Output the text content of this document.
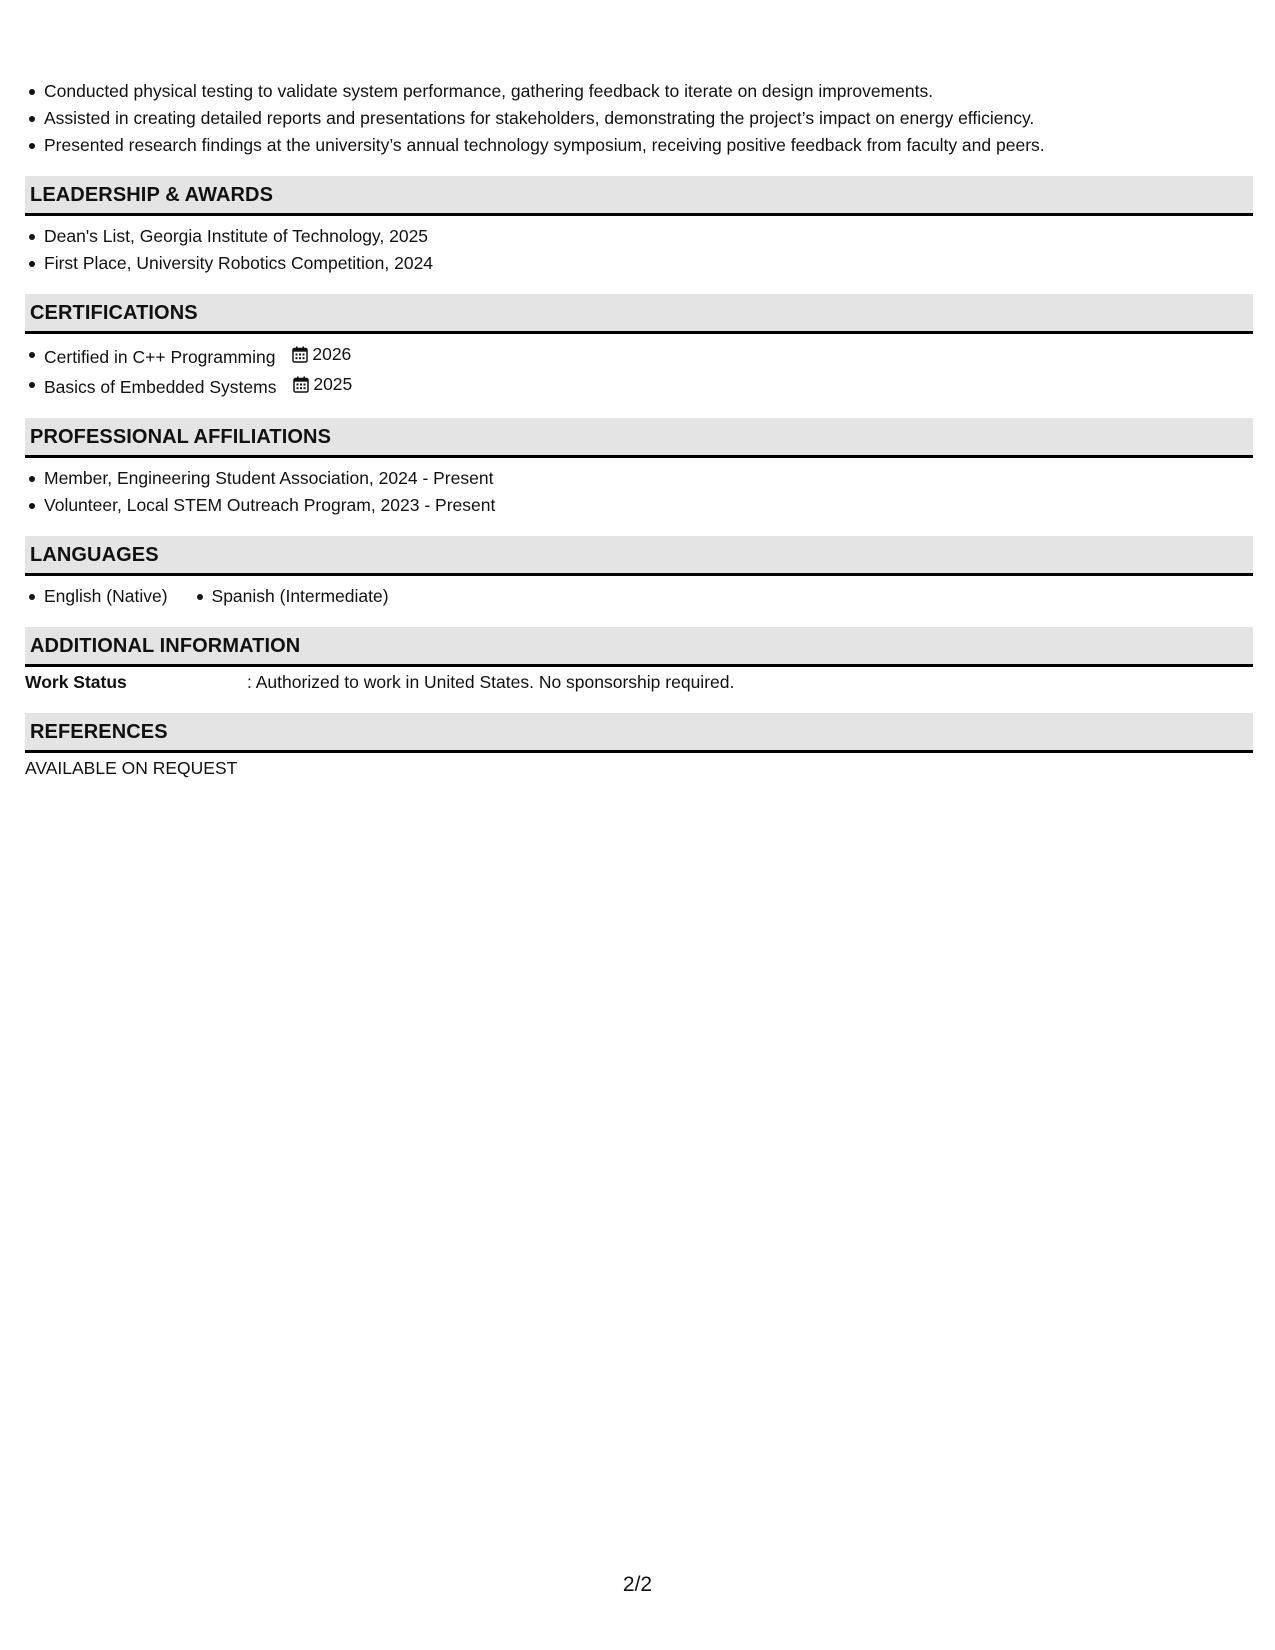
Conducted physical testing to validate system performance, gathering feedback to iterate on design improvements.
Assisted in creating detailed reports and presentations for stakeholders, demonstrating the project’s impact on energy efficiency.
Presented research findings at the university’s annual technology symposium, receiving positive feedback from faculty and peers.
LEADERSHIP & AWARDS
Dean's List, Georgia Institute of Technology, 2025
First Place, University Robotics Competition, 2024
CERTIFICATIONS
Certified in C++ Programming 2026
Basics of Embedded Systems 2025
PROFESSIONAL AFFILIATIONS
Member, Engineering Student Association, 2024 - Present
Volunteer, Local STEM Outreach Program, 2023 - Present
LANGUAGES
English (Native)	Spanish (Intermediate)
ADDITIONAL INFORMATION
Work Status	: Authorized to work in United States. No sponsorship required.
REFERENCES
AVAILABLE ON REQUEST
2/2
